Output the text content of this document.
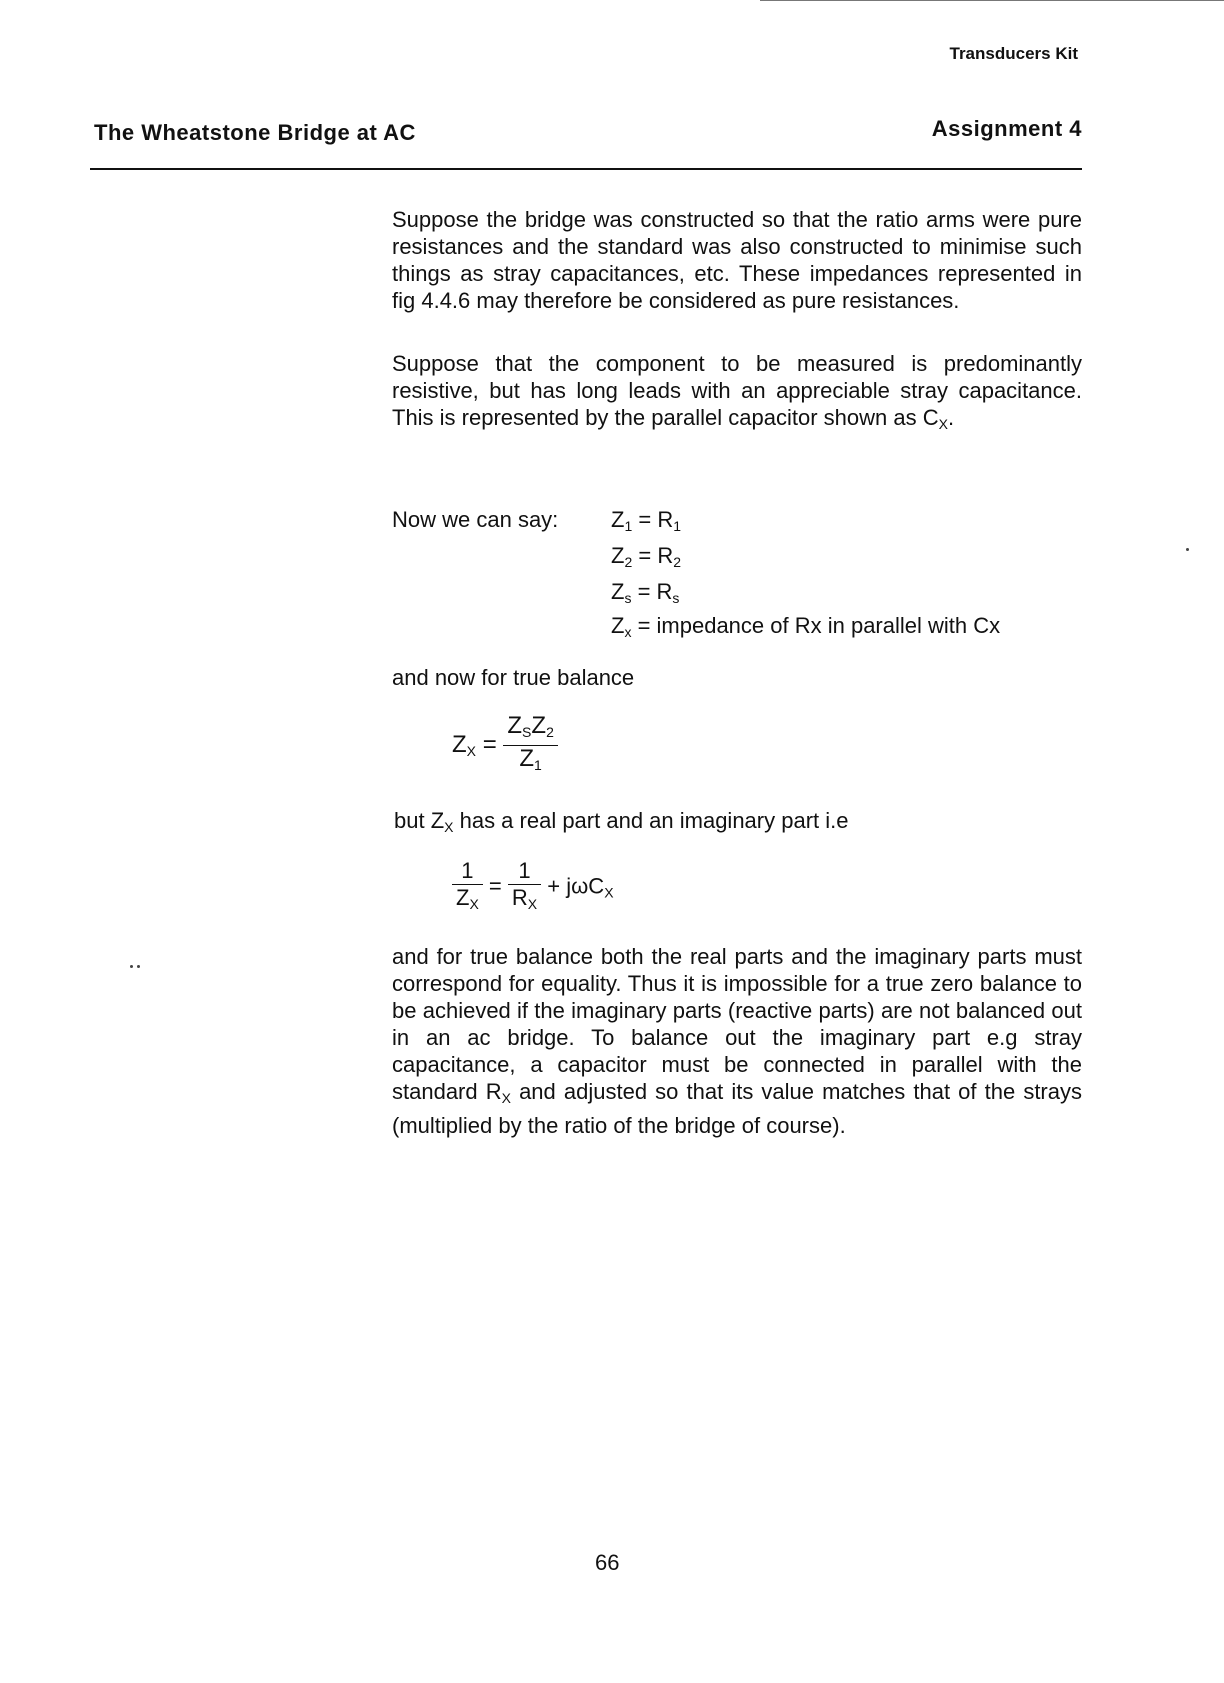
Transducers Kit
The Wheatstone Bridge at AC	Assignment 4
Suppose the bridge was constructed so that the ratio arms were pure resistances and the standard was also constructed to minimise such things as stray capacitances, etc. These impedances represented in fig 4.4.6 may therefore be considered as pure resistances.
Suppose that the component to be measured is predominantly resistive, but has long leads with an appreciable stray capacitance. This is represented by the parallel capacitor shown as $C_X$.
Now we can say: $Z_1 = R_1$
$Z_2 = R_2$
$Z_s = R_s$
$Z_x$ = impedance of Rx in parallel with Cx
and now for true balance
$Z_X = \frac{Z_SZ_2}{Z_1}$
but $Z_X$ has a real part and an imaginary part i.e
$\frac{1}{Z_X} = \frac{1}{R_X} + j\omega C_X$
and for true balance both the real parts and the imaginary parts must correspond for equality. Thus it is impossible for a true zero balance to be achieved if the imaginary parts (reactive parts) are not balanced out in an ac bridge. To balance out the imaginary part e.g stray capacitance, a capacitor must be connected in parallel with the standard $R_X$ and adjusted so that its value matches that of the strays (multiplied by the ratio of the bridge of course).
66
